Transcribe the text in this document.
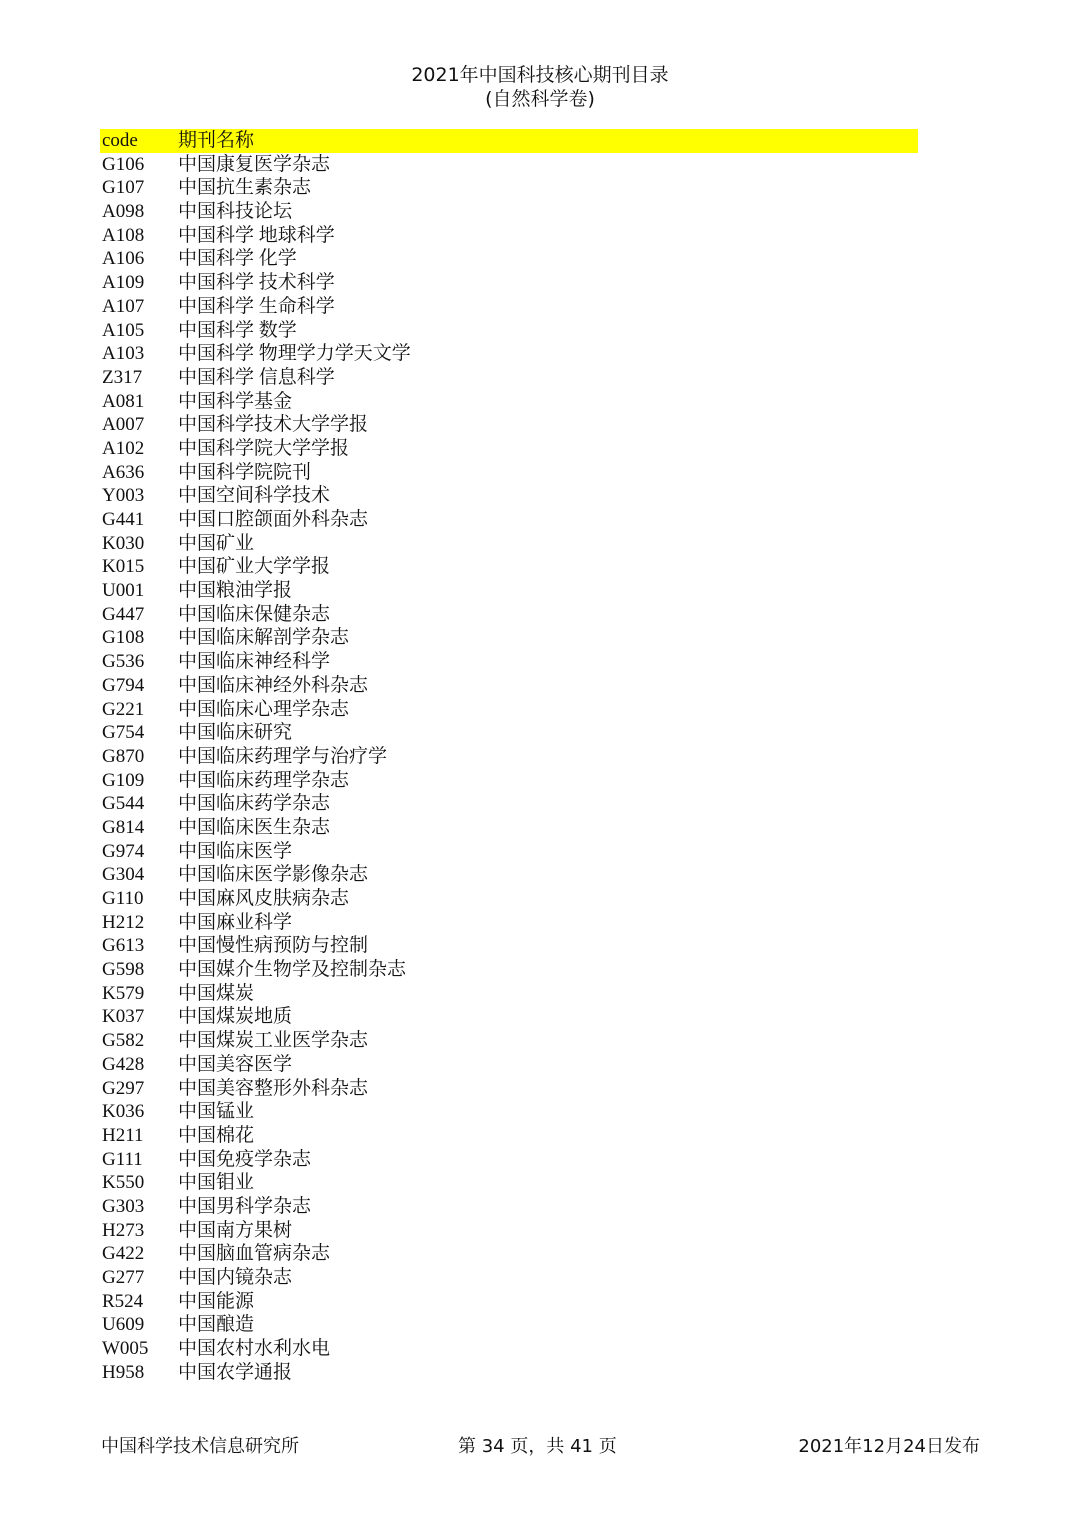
2021年中国科技核心期刊目录
(自然科学卷)
code 期刊名称
G106 中国康复医学杂志
G107 中国抗生素杂志
A098 中国科技论坛
A108 中国科学 地球科学
A106 中国科学 化学
A109 中国科学 技术科学
A107 中国科学 生命科学
A105 中国科学 数学
A103 中国科学 物理学力学天文学
Z317 中国科学 信息科学
A081 中国科学基金
A007 中国科学技术大学学报
A102 中国科学院大学学报
A636 中国科学院院刊
Y003 中国空间科学技术
G441 中国口腔颌面外科杂志
K030 中国矿业
K015 中国矿业大学学报
U001 中国粮油学报
G447 中国临床保健杂志
G108 中国临床解剖学杂志
G536 中国临床神经科学
G794 中国临床神经外科杂志
G221 中国临床心理学杂志
G754 中国临床研究
G870 中国临床药理学与治疗学
G109 中国临床药理学杂志
G544 中国临床药学杂志
G814 中国临床医生杂志
G974 中国临床医学
G304 中国临床医学影像杂志
G110 中国麻风皮肤病杂志
H212 中国麻业科学
G613 中国慢性病预防与控制
G598 中国媒介生物学及控制杂志
K579 中国煤炭
K037 中国煤炭地质
G582 中国煤炭工业医学杂志
G428 中国美容医学
G297 中国美容整形外科杂志
K036 中国锰业
H211 中国棉花
G111 中国免疫学杂志
K550 中国钼业
G303 中国男科学杂志
H273 中国南方果树
G422 中国脑血管病杂志
G277 中国内镜杂志
R524 中国能源
U609 中国酿造
W005 中国农村水利水电
H958 中国农学通报
中国科学技术信息研究所	第 34 页，共 41 页	2021年12月24日发布
